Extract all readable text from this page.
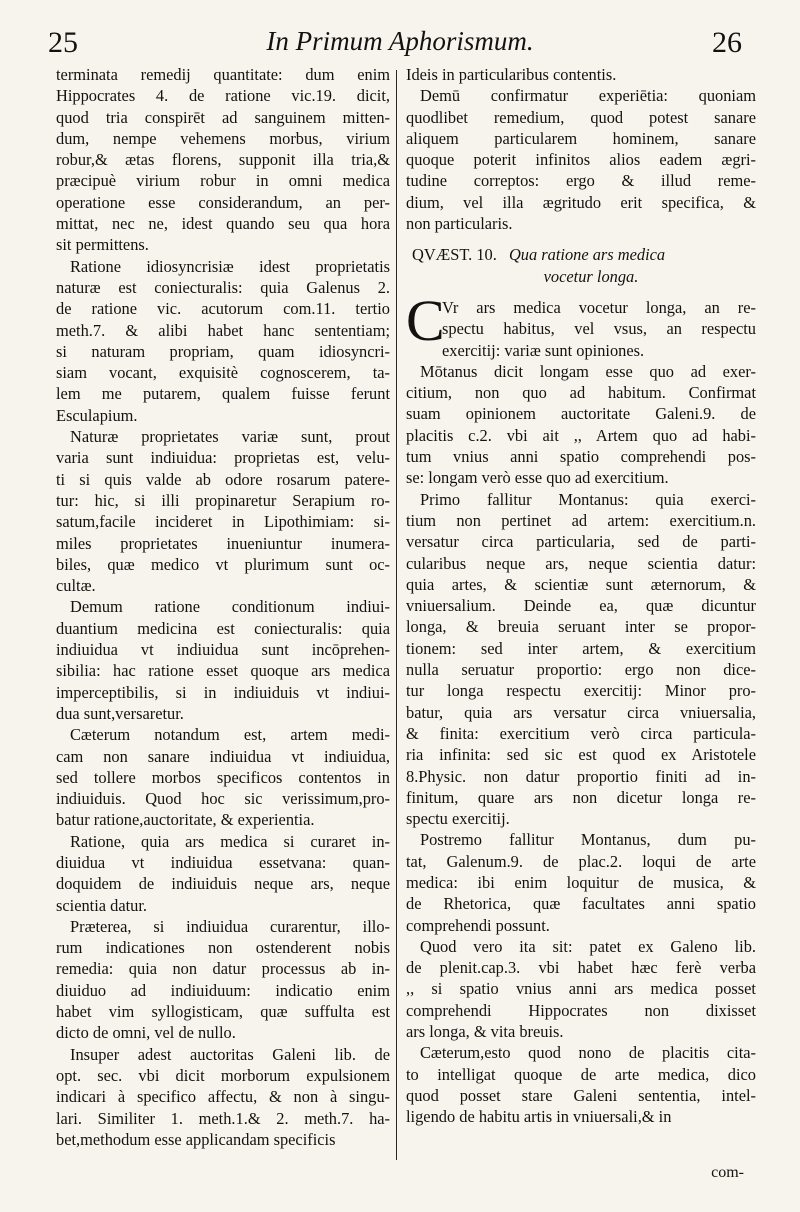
25	In Primum Aphorismum.	26
terminata remedij quantitate: dum enim
Hippocrates 4. de ratione vic.19. dicit,
quod tria conspirēt ad sanguinem mitten-
dum, nempe vehemens morbus, virium
robur,& ætas florens, supponit illa tria,&
præcipuè virium robur in omni medica
operatione esse considerandum, an per-
mittat, nec ne, idest quando seu qua hora
sit permittens.
Ratione idiosyncrisiæ idest proprietatis
naturæ est coniecturalis: quia Galenus 2.
de ratione vic. acutorum com.11. tertio
meth.7. & alibi habet hanc sententiam;
si naturam propriam, quam idiosyncri-
siam vocant, exquisitè cognoscerem, ta-
lem me putarem, qualem fuisse ferunt
Esculapium.
Naturæ proprietates variæ sunt, prout
varia sunt indiuidua: proprietas est, velu-
ti si quis valde ab odore rosarum patere-
tur: hic, si illi propinaretur Serapium ro-
satum,facile incideret in Lipothimiam: si-
miles proprietates inueniuntur inumera-
biles, quæ medico vt plurimum sunt oc-
cultæ.
Demum ratione conditionum indiui-
duantium medicina est coniecturalis: quia
indiuidua vt indiuidua sunt incōprehen-
sibilia: hac ratione esset quoque ars medica
imperceptibilis, si in indiuiduis vt indiui-
dua sunt,versaretur.
Cæterum notandum est, artem medi-
cam non sanare indiuidua vt indiuidua,
sed tollere morbos specificos contentos in
indiuiduis. Quod hoc sic verissimum,pro-
batur ratione,auctoritate, & experientia.
Ratione, quia ars medica si curaret in-
diuidua vt indiuidua essetvana: quan-
doquidem de indiuiduis neque ars, neque
scientia datur.
Præterea, si indiuidua curarentur, illo-
rum indicationes non ostenderent nobis
remedia: quia non datur processus ab in-
diuiduo ad indiuiduum: indicatio enim
habet vim syllogisticam, quæ suffulta est
dicto de omni, vel de nullo.
Insuper adest auctoritas Galeni lib. de
opt. sec. vbi dicit morborum expulsionem
indicari à specifico affectu, & non à singu-
lari. Similiter 1. meth.1.& 2. meth.7. ha-
bet,methodum esse applicandam specificis
Ideis in particularibus contentis.
Demū confirmatur experiētia: quoniam
quodlibet remedium, quod potest sanare
aliquem particularem hominem, sanare
quoque poterit infinitos alios eadem ægri-
tudine correptos: ergo & illud reme-
dium, vel illa ægritudo erit specifica, &
non particularis.
QVÆST. 10. Qua ratione ars medica
vocetur longa.
C
Vr ars medica vocetur longa, an re-
spectu habitus, vel vsus, an respectu
exercitij: variæ sunt opiniones.
Mōtanus dicit longam esse quo ad exer-
citium, non quo ad habitum. Confirmat
suam opinionem auctoritate Galeni.9. de
placitis c.2. vbi ait ,, Artem quo ad habi-
tum vnius anni spatio comprehendi pos-
se: longam verò esse quo ad exercitium.
Primo fallitur Montanus: quia exerci-
tium non pertinet ad artem: exercitium.n.
versatur circa particularia, sed de parti-
cularibus neque ars, neque scientia datur:
quia artes, & scientiæ sunt æternorum, &
vniuersalium. Deinde ea, quæ dicuntur
longa, & breuia seruant inter se propor-
tionem: sed inter artem, & exercitium
nulla seruatur proportio: ergo non dice-
tur longa respectu exercitij: Minor pro-
batur, quia ars versatur circa vniuersalia,
& finita: exercitium verò circa particula-
ria infinita: sed sic est quod ex Aristotele
8.Physic. non datur proportio finiti ad in-
finitum, quare ars non dicetur longa re-
spectu exercitij.
Postremo fallitur Montanus, dum pu-
tat, Galenum.9. de plac.2. loqui de arte
medica: ibi enim loquitur de musica, &
de Rhetorica, quæ facultates anni spatio
comprehendi possunt.
Quod vero ita sit: patet ex Galeno lib.
de plenit.cap.3. vbi habet hæc ferè verba
,, si spatio vnius anni ars medica posset
comprehendi Hippocrates non dixisset
ars longa, & vita breuis.
Cæterum,esto quod nono de placitis cita-
to intelligat quoque de arte medica, dico
quod posset stare Galeni sententia, intel-
ligendo de habitu artis in vniuersali,& in
com-
